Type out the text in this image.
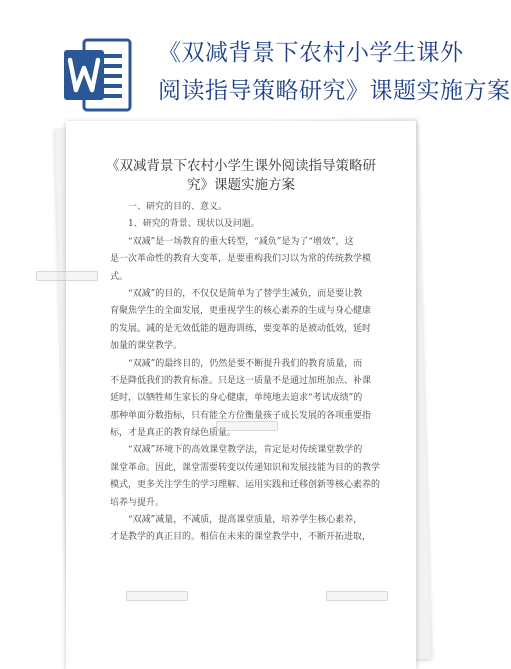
《双减背景下农村小学生课外
阅读指导策略研究》课题实施方案
《双减背景下农村小学生课外阅读指导策略研
究》课题实施方案
一、研究的目的、意义。
1、研究的背景、现状以及问题。
“双减”是一场教育的重大转型，“减负”是为了“增效”，这
是一次革命性的教育大变革，是要重构我们习以为常的传统教学模
式。
“双减”的目的，不仅仅是简单为了替学生减负，而是要让教
育聚焦学生的全面发展，更重视学生的核心素养的生成与身心健康
的发展。减的是无效低能的题海训练，要变革的是被动低效，延时
加量的课堂教学。
“双减”的最终目的，仍然是要不断提升我们的教育质量，而
不是降低我们的教育标准。只是这一质量不是通过加班加点、补课
延时，以牺牲师生家长的身心健康，单纯地去追求“考试成绩”的
那种单面分数指标，只有能全方位衡量孩子成长发展的各项重要指
标，才是真正的教育绿色质量。
“双减”环境下的高效课堂教学法，肯定是对传统课堂教学的
课堂革命。因此，课堂需要转变以传递知识和发展技能为目的的教学
模式，更多关注学生的学习理解、运用实践和迁移创新等核心素养的
培养与提升。
“双减”减量，不减质，提高课堂质量，培养学生核心素养，
才是教学的真正目的。相信在未来的课堂教学中，不断开拓进取，
